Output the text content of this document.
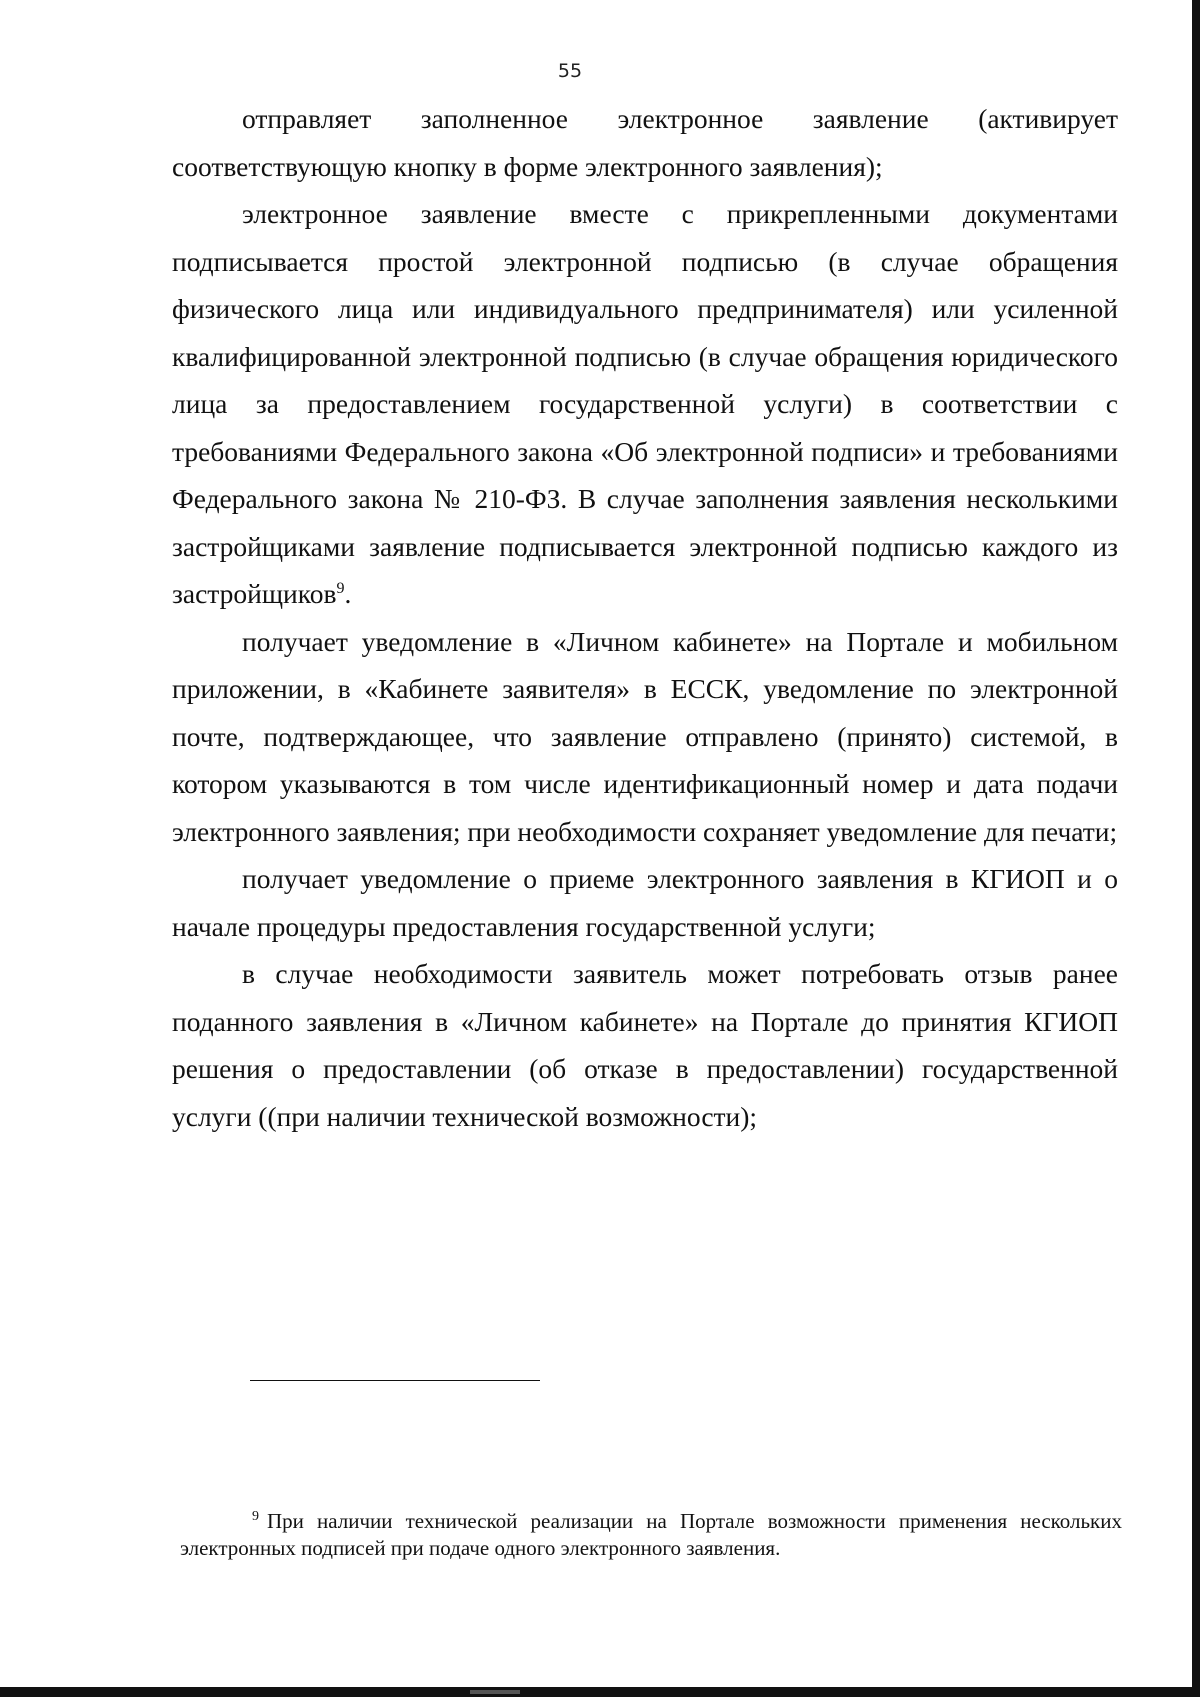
55

отправляет заполненное электронное заявление (активирует соответствующую кнопку в форме электронного заявления);

электронное заявление вместе с прикрепленными документами подписывается простой электронной подписью (в случае обращения физического лица или индивидуального предпринимателя) или усиленной квалифицированной электронной подписью (в случае обращения юридического лица за предоставлением государственной услуги) в соответствии с требованиями Федерального закона «Об электронной подписи» и требованиями Федерального закона № 210-ФЗ. В случае заполнения заявления несколькими застройщиками заявление подписывается электронной подписью каждого из застройщиков$^9$.

получает уведомление в «Личном кабинете» на Портале и мобильном приложении, в «Кабинете заявителя» в ЕССК, уведомление по электронной почте, подтверждающее, что заявление отправлено (принято) системой, в котором указываются в том числе идентификационный номер и дата подачи электронного заявления; при необходимости сохраняет уведомление для печати;

получает уведомление о приеме электронного заявления в КГИОП и о начале процедуры предоставления государственной услуги;

в случае необходимости заявитель может потребовать отзыв ранее поданного заявления в «Личном кабинете» на Портале до принятия КГИОП решения о предоставлении (об отказе в предоставлении) государственной услуги ((при наличии технической возможности);

$^9$ При наличии технической реализации на Портале возможности применения нескольких электронных подписей при подаче одного электронного заявления.
